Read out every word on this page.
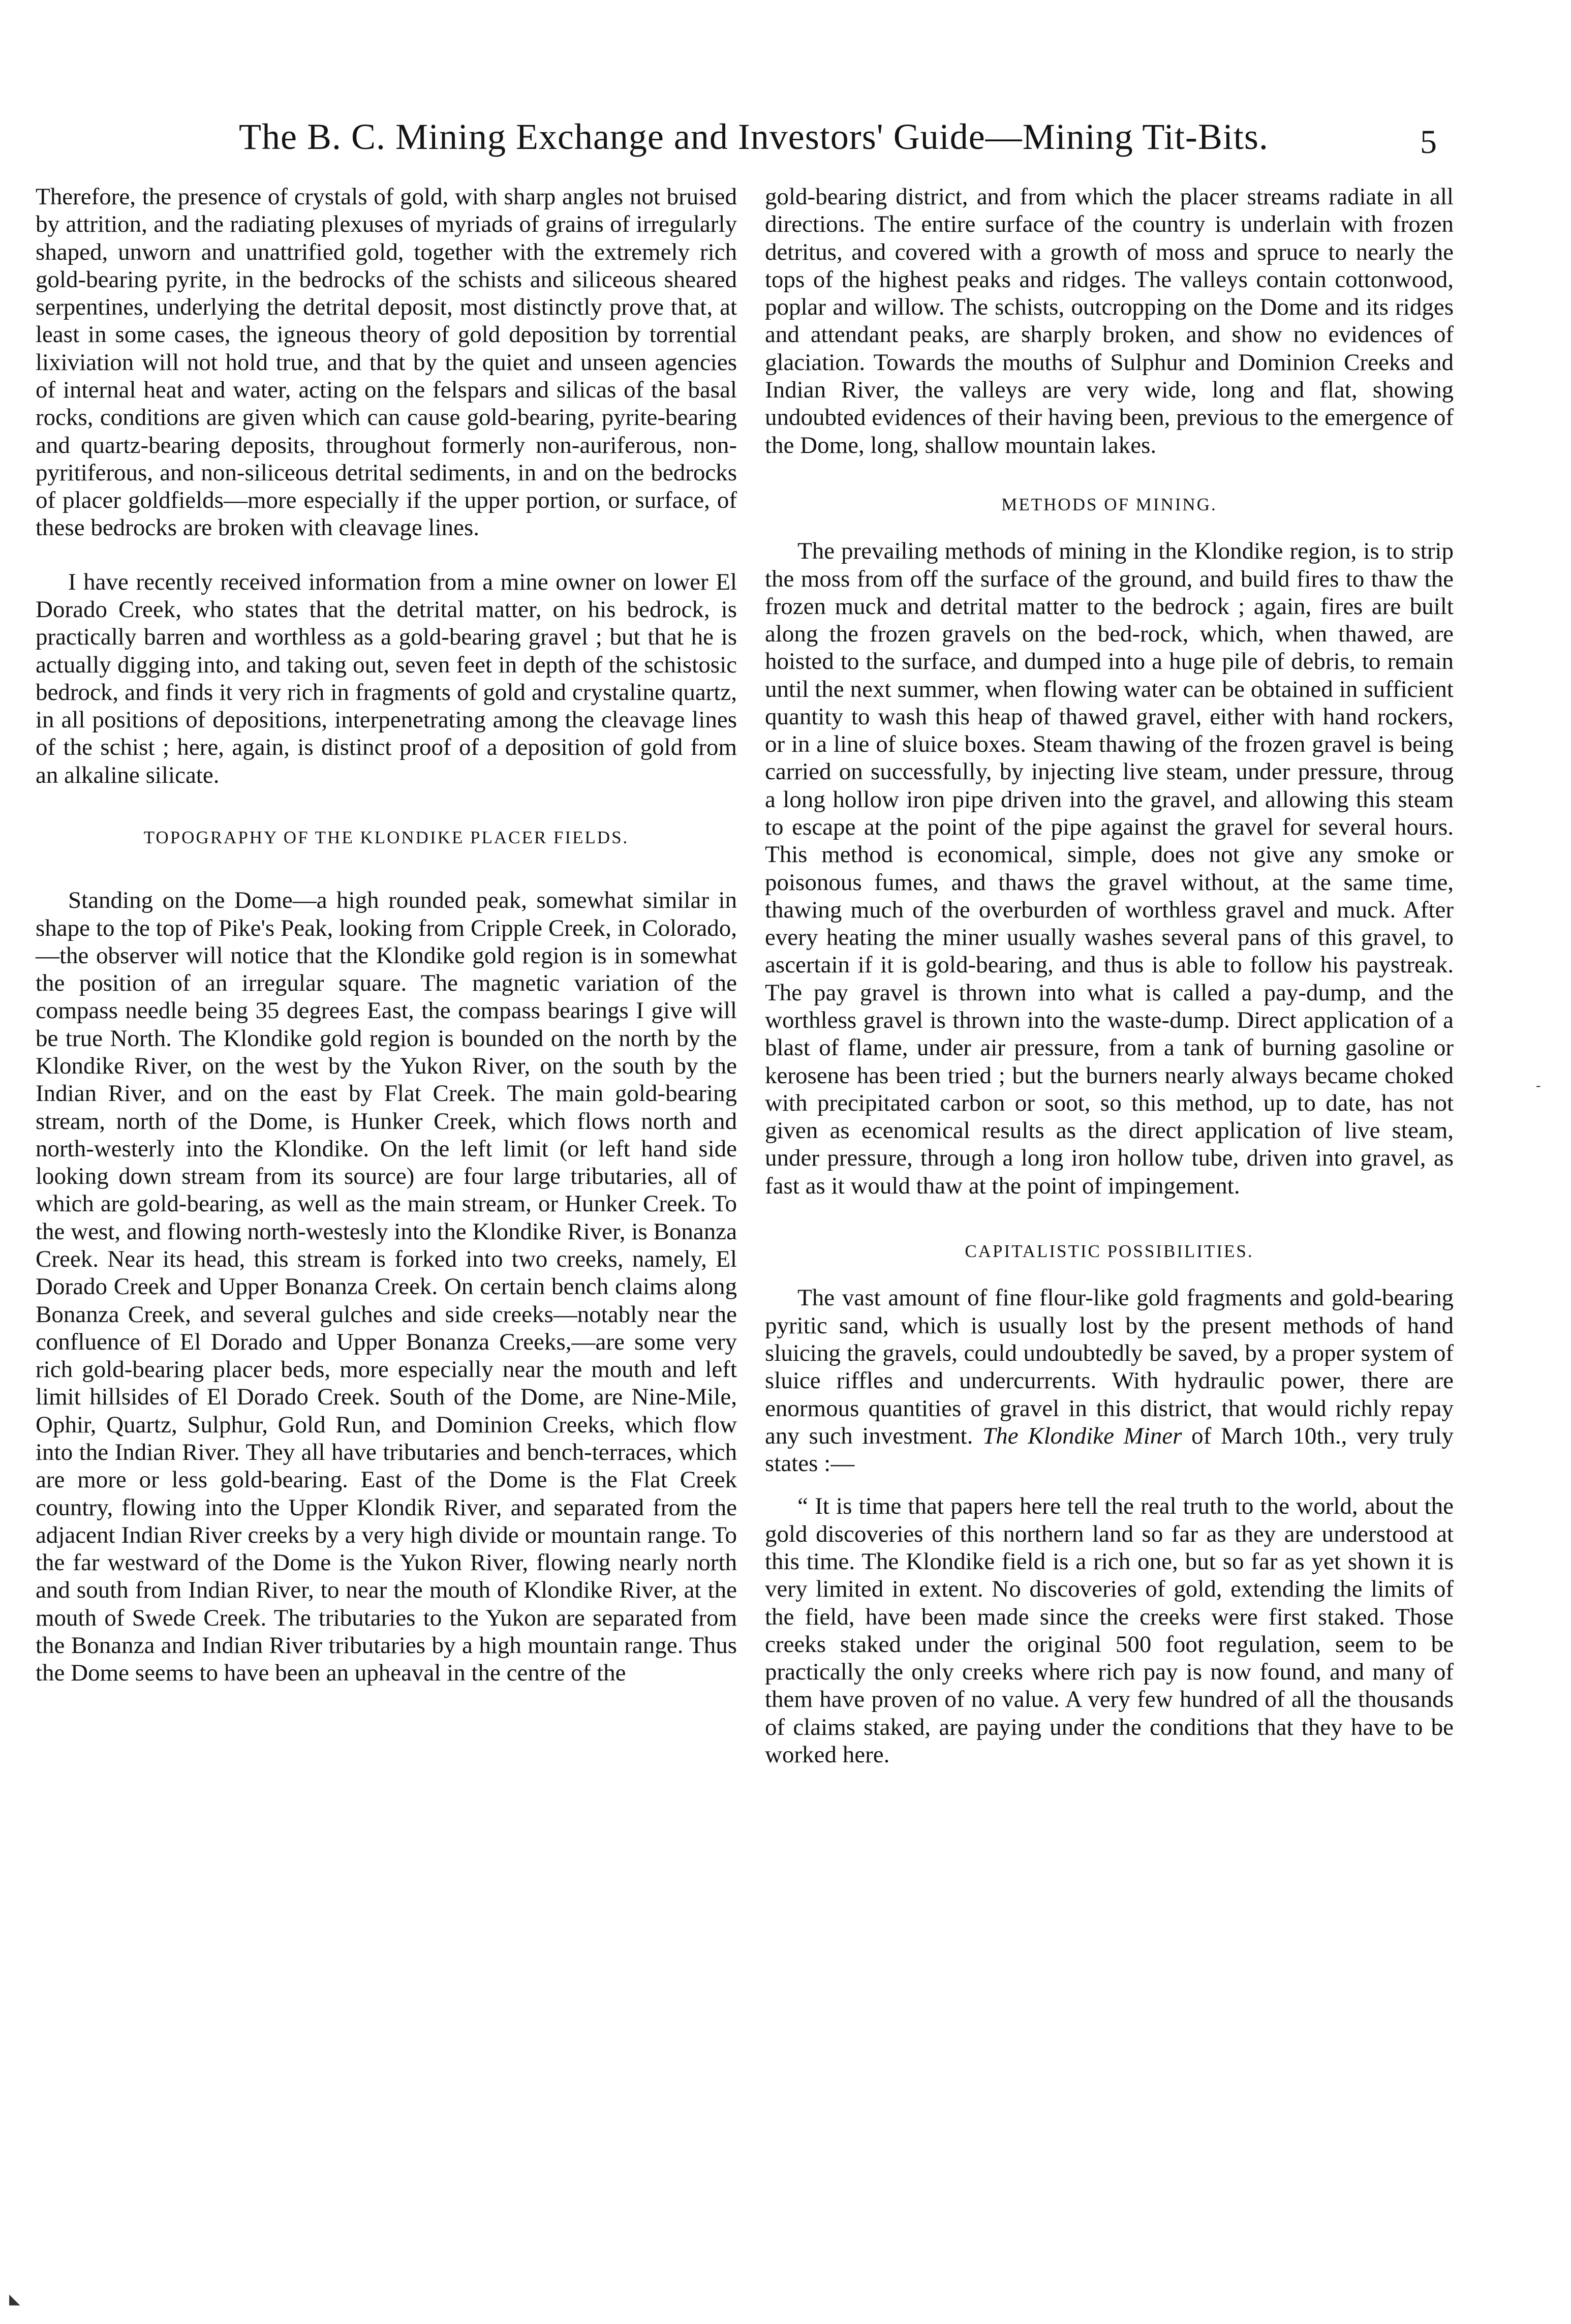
The B. C. Mining Exchange and Investors' Guide—Mining Tit-Bits.	5

Therefore, the presence of crystals of gold, with sharp angles not bruised by attrition, and the radiating plexuses of myriads of grains of irregularly shaped, unworn and unattrified gold, together with the extremely rich gold-bearing pyrite, in the bedrocks of the schists and siliceous sheared serpentines, underlying the detrital deposit, most distinctly prove that, at least in some cases, the igneous theory of gold deposition by torrential lixiviation will not hold true, and that by the quiet and unseen agencies of internal heat and water, acting on the felspars and silicas of the basal rocks, conditions are given which can cause gold-bearing, pyrite-bearing and quartz-bearing deposits, throughout formerly non-auriferous, non-pyritiferous, and non-siliceous detrital sediments, in and on the bedrocks of placer goldfields—more especially if the upper portion, or surface, of these bedrocks are broken with cleavage lines.

I have recently received information from a mine owner on lower El Dorado Creek, who states that the detrital matter, on his bedrock, is practically barren and worthless as a gold-bearing gravel ; but that he is actually digging into, and taking out, seven feet in depth of the schistosic bedrock, and finds it very rich in fragments of gold and crystaline quartz, in all positions of depositions, interpenetrating among the cleavage lines of the schist ; here, again, is distinct proof of a deposition of gold from an alkaline silicate.

TOPOGRAPHY OF THE KLONDIKE PLACER FIELDS.

Standing on the Dome—a high rounded peak, somewhat similar in shape to the top of Pike's Peak, looking from Cripple Creek, in Colorado,—the observer will notice that the Klondike gold region is in somewhat the position of an irregular square. The magnetic variation of the compass needle being 35 degrees East, the compass bearings I give will be true North. The Klondike gold region is bounded on the north by the Klondike River, on the west by the Yukon River, on the south by the Indian River, and on the east by Flat Creek. The main gold-bearing stream, north of the Dome, is Hunker Creek, which flows north and north-westerly into the Klondike. On the left limit (or left hand side looking down stream from its source) are four large tributaries, all of which are gold-bearing, as well as the main stream, or Hunker Creek. To the west, and flowing north-westesly into the Klondike River, is Bonanza Creek. Near its head, this stream is forked into two creeks, namely, El Dorado Creek and Upper Bonanza Creek. On certain bench claims along Bonanza Creek, and several gulches and side creeks—notably near the confluence of El Dorado and Upper Bonanza Creeks,—are some very rich gold-bearing placer beds, more especially near the mouth and left limit hillsides of El Dorado Creek. South of the Dome, are Nine-Mile, Ophir, Quartz, Sulphur, Gold Run, and Dominion Creeks, which flow into the Indian River. They all have tributaries and bench-terraces, which are more or less gold-bearing. East of the Dome is the Flat Creek country, flowing into the Upper Klondik River, and separated from the adjacent Indian River creeks by a very high divide or mountain range. To the far westward of the Dome is the Yukon River, flowing nearly north and south from Indian River, to near the mouth of Klondike River, at the mouth of Swede Creek. The tributaries to the Yukon are separated from the Bonanza and Indian River tributaries by a high mountain range. Thus the Dome seems to have been an upheaval in the centre of the

gold-bearing district, and from which the placer streams radiate in all directions. The entire surface of the country is underlain with frozen detritus, and covered with a growth of moss and spruce to nearly the tops of the highest peaks and ridges. The valleys contain cottonwood, poplar and willow. The schists, outcropping on the Dome and its ridges and attendant peaks, are sharply broken, and show no evidences of glaciation. Towards the mouths of Sulphur and Dominion Creeks and Indian River, the valleys are very wide, long and flat, showing undoubted evidences of their having been, previous to the emergence of the Dome, long, shallow mountain lakes.

METHODS OF MINING.

The prevailing methods of mining in the Klondike region, is to strip the moss from off the surface of the ground, and build fires to thaw the frozen muck and detrital matter to the bedrock ; again, fires are built along the frozen gravels on the bed-rock, which, when thawed, are hoisted to the surface, and dumped into a huge pile of debris, to remain until the next summer, when flowing water can be obtained in sufficient quantity to wash this heap of thawed gravel, either with hand rockers, or in a line of sluice boxes. Steam thawing of the frozen gravel is being carried on successfully, by injecting live steam, under pressure, throug a long hollow iron pipe driven into the gravel, and allowing this steam to escape at the point of the pipe against the gravel for several hours. This method is economical, simple, does not give any smoke or poisonous fumes, and thaws the gravel without, at the same time, thawing much of the overburden of worthless gravel and muck. After every heating the miner usually washes several pans of this gravel, to ascertain if it is gold-bearing, and thus is able to follow his paystreak. The pay gravel is thrown into what is called a pay-dump, and the worthless gravel is thrown into the waste-dump. Direct application of a blast of flame, under air pressure, from a tank of burning gasoline or kerosene has been tried ; but the burners nearly always became choked with precipitated carbon or soot, so this method, up to date, has not given as ecenomical results as the direct application of live steam, under pressure, through a long iron hollow tube, driven into gravel, as fast as it would thaw at the point of impingement.

CAPITALISTIC POSSIBILITIES.

The vast amount of fine flour-like gold fragments and gold-bearing pyritic sand, which is usually lost by the present methods of hand sluicing the gravels, could undoubtedly be saved, by a proper system of sluice riffles and undercurrents. With hydraulic power, there are enormous quantities of gravel in this district, that would richly repay any such investment. The Klondike Miner of March 10th., very truly states :—

“ It is time that papers here tell the real truth to the world, about the gold discoveries of this northern land so far as they are understood at this time. The Klondike field is a rich one, but so far as yet shown it is very limited in extent. No discoveries of gold, extending the limits of the field, have been made since the creeks were first staked. Those creeks staked under the original 500 foot regulation, seem to be practically the only creeks where rich pay is now found, and many of them have proven of no value. A very few hundred of all the thousands of claims staked, are paying under the conditions that they have to be worked here.

-
◣
